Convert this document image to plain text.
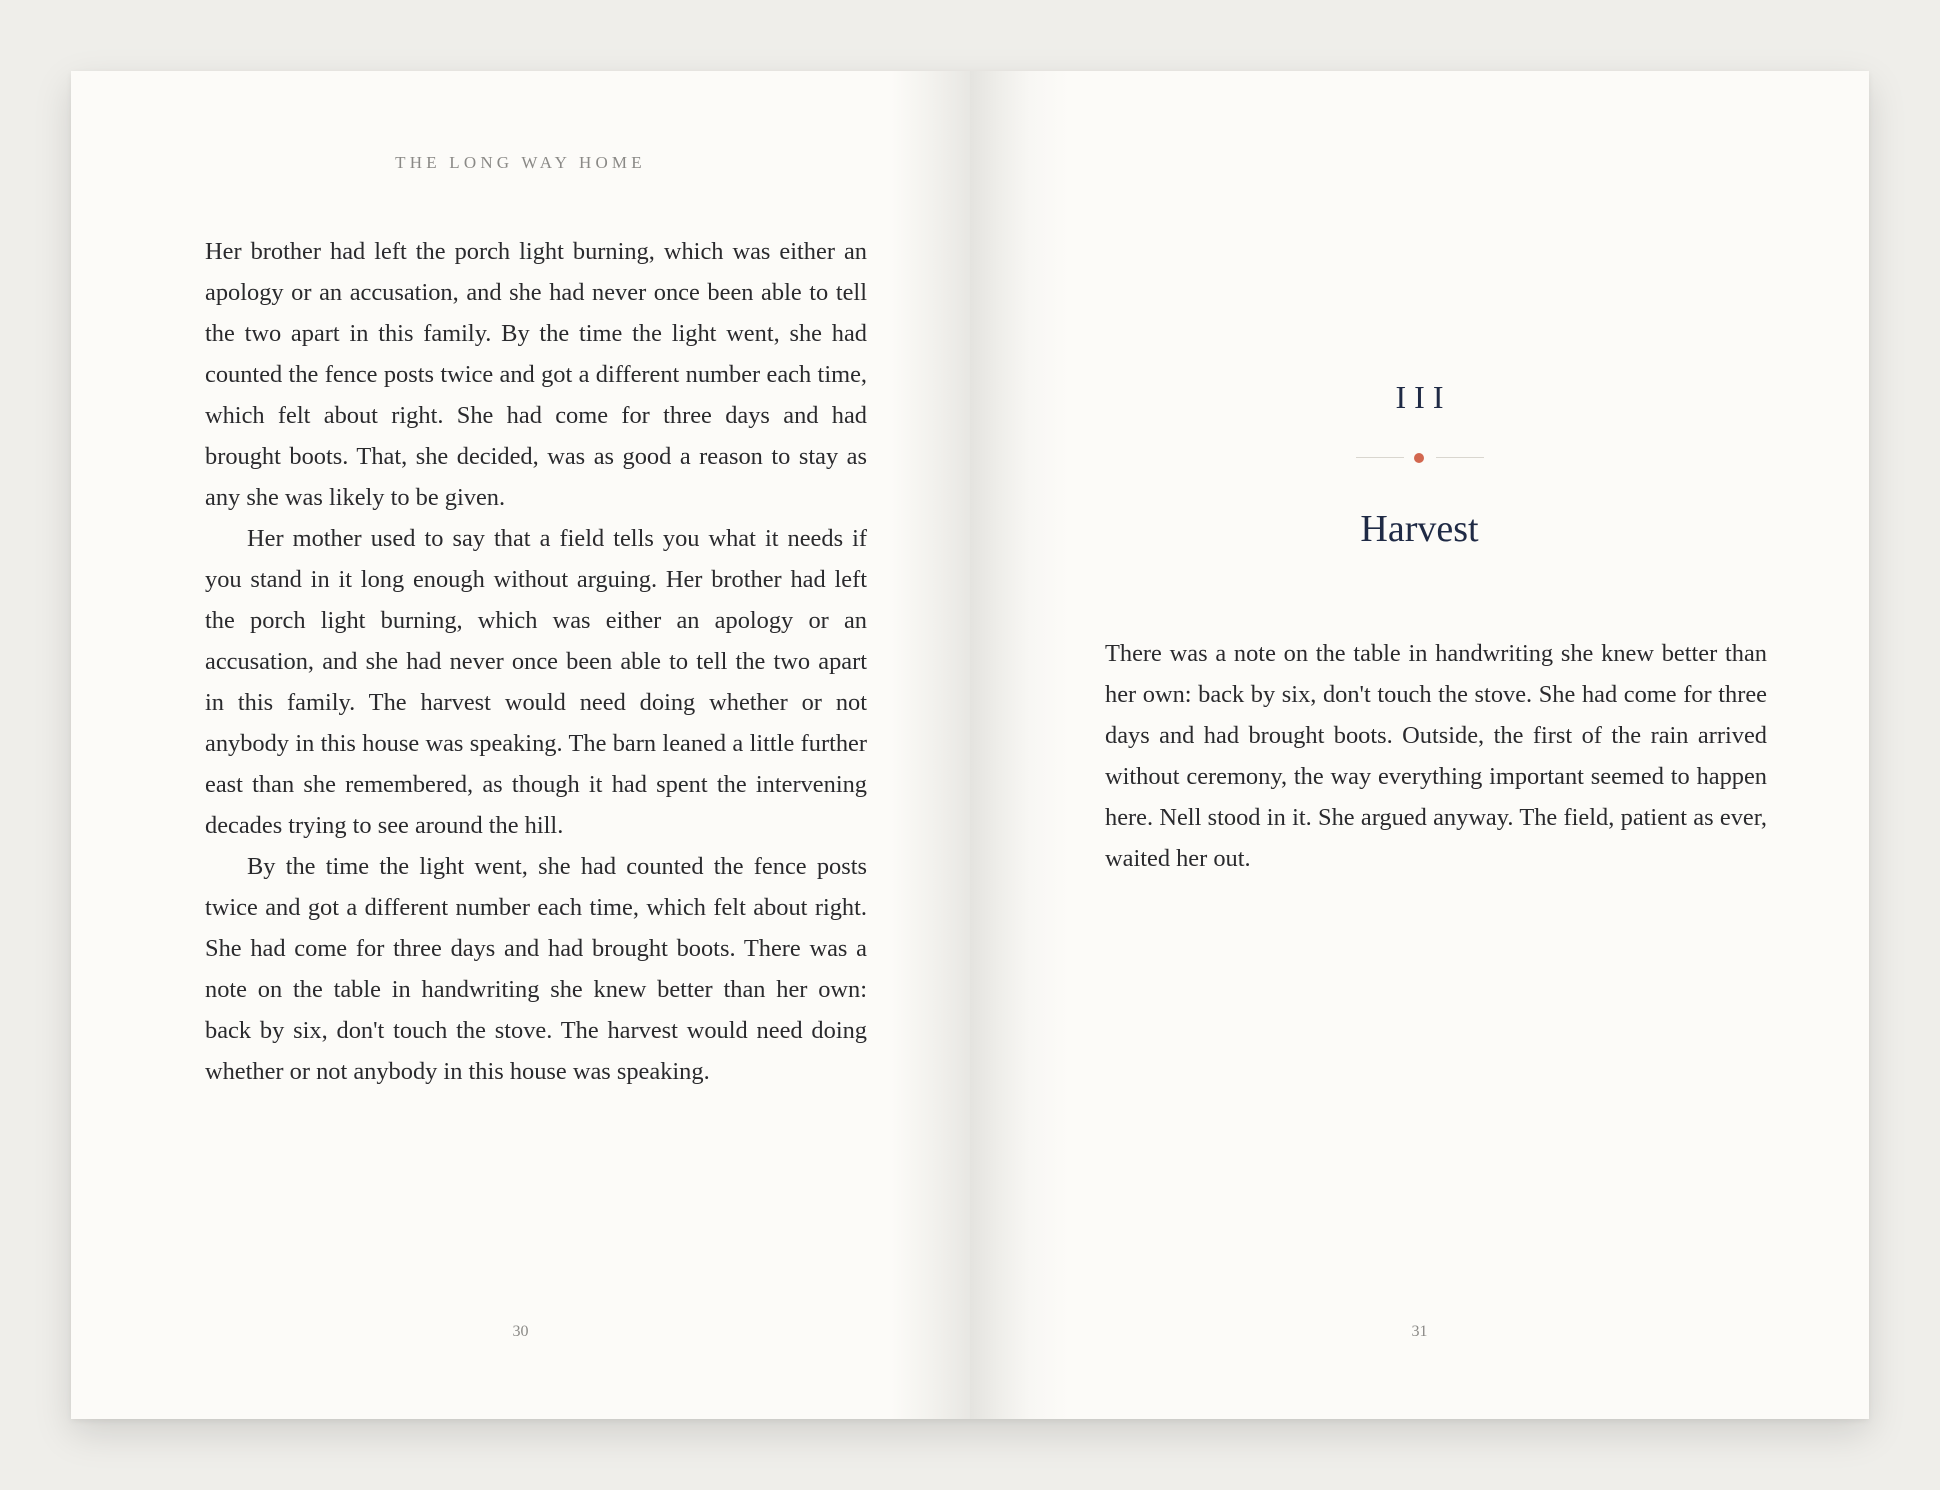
THE LONG WAY HOME

Her brother had left the porch light burning, which was either an apology or an accusation, and she had never once been able to tell the two apart in this family. By the time the light went, she had counted the fence posts twice and got a different number each time, which felt about right. She had come for three days and had brought boots. That, she decided, was as good a reason to stay as any she was likely to be given.

Her mother used to say that a field tells you what it needs if you stand in it long enough without arguing. Her brother had left the porch light burning, which was either an apology or an accusation, and she had never once been able to tell the two apart in this family. The harvest would need doing whether or not anybody in this house was speaking. The barn leaned a little further east than she remembered, as though it had spent the intervening decades trying to see around the hill.

By the time the light went, she had counted the fence posts twice and got a different number each time, which felt about right. She had come for three days and had brought boots. There was a note on the table in handwriting she knew better than her own: back by six, don't touch the stove. The harvest would need doing whether or not anybody in this house was speaking.

30
III
Harvest

There was a note on the table in handwriting she knew better than her own: back by six, don't touch the stove. She had come for three days and had brought boots. Outside, the first of the rain arrived without ceremony, the way everything important seemed to happen here. Nell stood in it. She argued anyway. The field, patient as ever, waited her out.

31
